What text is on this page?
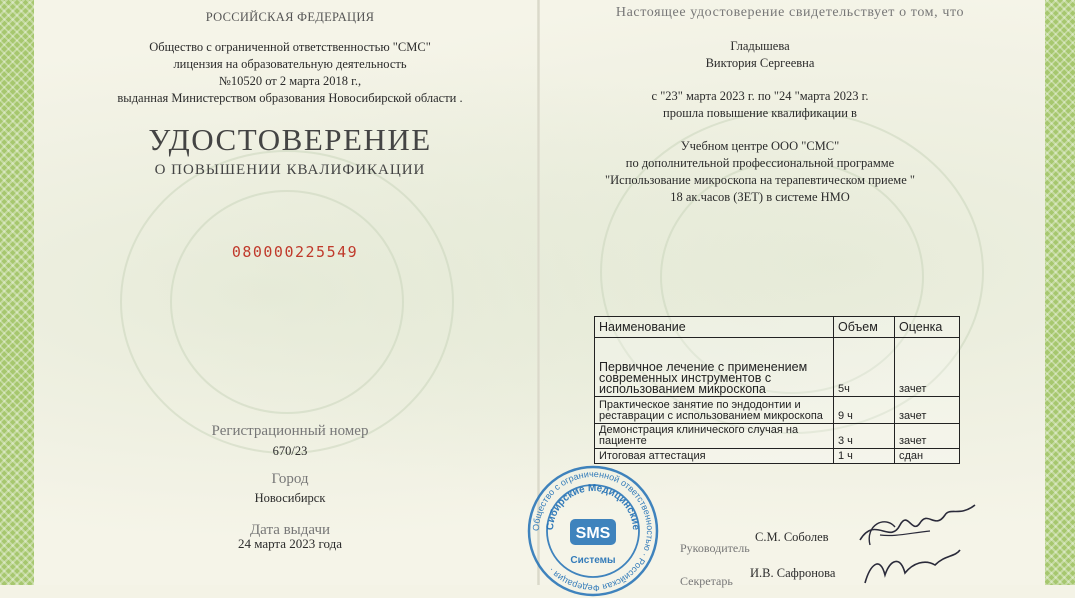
РОССИЙСКАЯ ФЕДЕРАЦИЯ
Общество с ограниченной ответственностью "СМС"
лицензия на образовательную деятельность
№10520 от 2 марта 2018 г.,
выданная Министерством образования Новосибирской области .
УДОСТОВЕРЕНИЕ
О ПОВЫШЕНИИ КВАЛИФИКАЦИИ
080000225549
Регистрационный номер
670/23
Город
Новосибирск
Дата выдачи
24 марта 2023 года
Настоящее удостоверение свидетельствует о том, что
Гладышева
Виктория Сергеевна
с "23" марта 2023 г. по "24 "марта 2023 г.
прошла повышение квалификации в
Учебном центре ООО "СМС"
по дополнительной профессиональной программе
"Использование микроскопа на терапевтическом приеме "
18 ак.часов (ЗЕТ) в системе НМО
Наименование	Объем	Оценка
Первичное лечение с применением современных инструментов с использованием микроскопа	5ч	зачет
Практическое занятие по эндодонтии и реставрации с использованием микроскопа	9 ч	зачет
Демонстрация клинического случая на пациенте	3 ч	зачет
Итоговая аттестация	1 ч	сдан
Руководитель
С.М. Соболев
Секретарь
И.В. Сафронова
Общество с ограниченной ответственностью · Российская Федерация ·
Сибирские Медицинские
SMS
Системы
